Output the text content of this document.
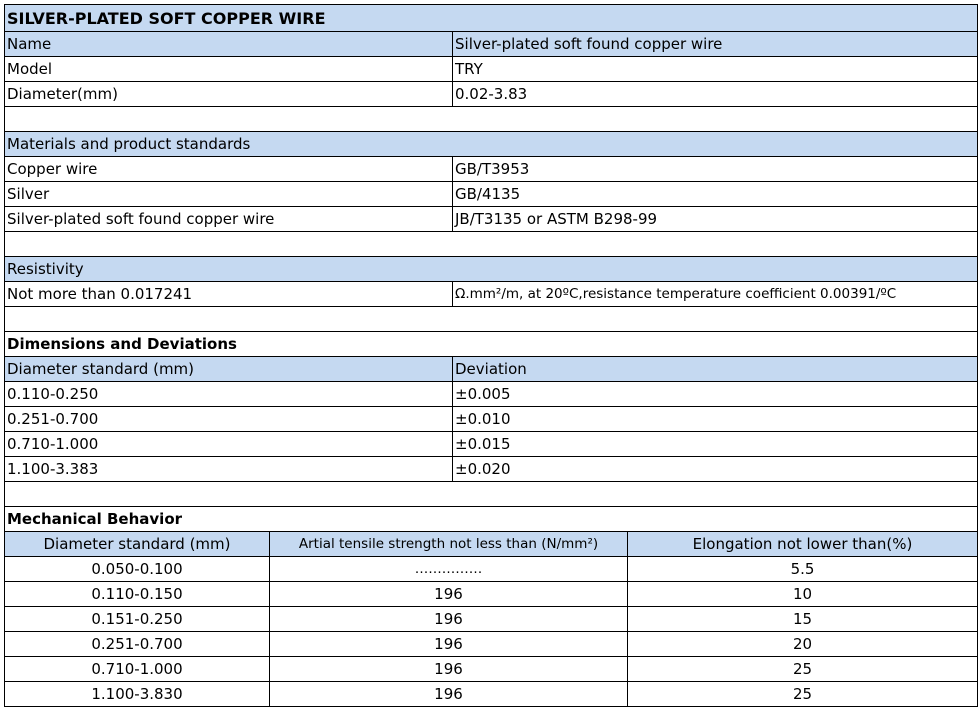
SILVER-PLATED SOFT COPPER WIRE
Name	Silver-plated soft found copper wire
Model	TRY
Diameter(mm)	0.02-3.83
Materials and product standards
Copper wire	GB/T3953
Silver	GB/4135
Silver-plated soft found copper wire	JB/T3135 or ASTM B298-99
Resistivity
Not more than 0.017241	Ω.mm²/m, at 20ºC,resistance temperature coefficient 0.00391/ºC
Dimensions and Deviations
Diameter standard (mm)	Deviation
0.110-0.250	±0.005
0.251-0.700	±0.010
0.710-1.000	±0.015
1.100-3.383	±0.020
Mechanical Behavior
Diameter standard (mm)	Artial tensile strength not less than (N/mm²)	Elongation not lower than(%)
0.050-0.100	……………	5.5
0.110-0.150	196	10
0.151-0.250	196	15
0.251-0.700	196	20
0.710-1.000	196	25
1.100-3.830	196	25
